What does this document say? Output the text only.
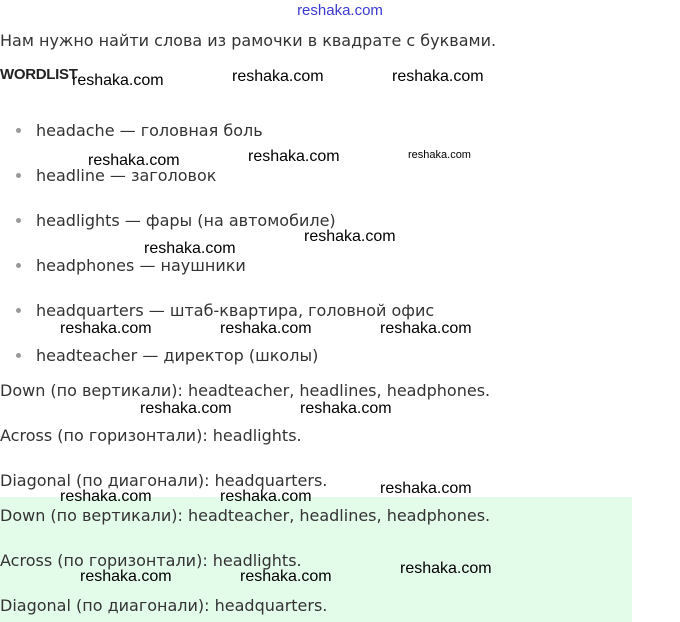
reshaka.com
Нам нужно найти слова из рамочки в квадрате с буквами.
WORDLIST
headache — головная боль
headline — заголовок
headlights — фары (на автомобиле)
headphones — наушники
headquarters — штаб-квартира, головной офис
headteacher — директор (школы)
Down (по вертикали): headteacher, headlines, headphones.
Across (по горизонтали): headlights.
Diagonal (по диагонали): headquarters.
Down (по вертикали): headteacher, headlines, headphones.
Across (по горизонтали): headlights.
Diagonal (по диагонали): headquarters.
reshaka.com	reshaka.com	reshaka.com
reshaka.com	reshaka.com	reshaka.com
reshaka.com
reshaka.com
reshaka.com	reshaka.com	reshaka.com
reshaka.com	reshaka.com
reshaka.com	reshaka.com	reshaka.com
reshaka.com	reshaka.com	reshaka.com
